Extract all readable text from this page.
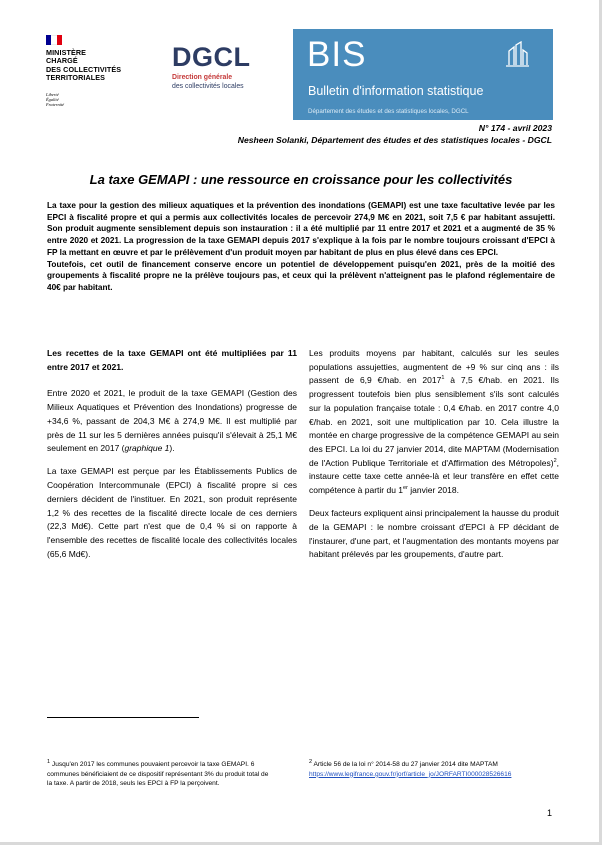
MINISTÈRE
CHARGÉ
DES COLLECTIVITÉS
TERRITORIALES
Liberté
Égalité
Fraternité
DGCL
Direction générale
des collectivités locales
BIS
Bulletin d'information statistique
Département des études et des statistiques locales, DGCL
N° 174 - avril 2023
Nesheen Solanki, Département des études et des statistiques locales - DGCL
La taxe GEMAPI : une ressource en croissance pour les collectivités

La taxe pour la gestion des milieux aquatiques et la prévention des inondations (GEMAPI) est une taxe facultative levée par les EPCI à fiscalité propre et qui a permis aux collectivités locales de percevoir 274,9 M€ en 2021, soit 7,5 € par habitant assujetti. Son produit augmente sensiblement depuis son instauration : il a été multiplié par 11 entre 2017 et 2021 et a augmenté de 35 % entre 2020 et 2021. La progression de la taxe GEMAPI depuis 2017 s'explique à la fois par le nombre toujours croissant d'EPCI à FP la mettant en œuvre et par le prélèvement d'un produit moyen par habitant de plus en plus élevé dans ces EPCI.

Toutefois, cet outil de financement conserve encore un potentiel de développement puisqu'en 2021, près de la moitié des groupements à fiscalité propre ne la prélève toujours pas, et ceux qui la prélèvent n'atteignent pas le plafond réglementaire de 40€ par habitant.

Les recettes de la taxe GEMAPI ont été multipliées par 11 entre 2017 et 2021.

Entre 2020 et 2021, le produit de la taxe GEMAPI (Gestion des Milieux Aquatiques et Prévention des Inondations) progresse de +34,6 %, passant de 204,3 M€ à 274,9 M€. Il est multiplié par près de 11 sur les 5 dernières années puisqu'il s'élevait à 25,1 M€ seulement en 2017 (graphique 1).

La taxe GEMAPI est perçue par les Établissements Publics de Coopération Intercommunale (EPCI) à fiscalité propre si ces derniers décident de l'instituer. En 2021, son produit représente 1,2 % des recettes de la fiscalité directe locale de ces derniers (22,3 Md€). Cette part n'est que de 0,4 % si on rapporte à l'ensemble des recettes de fiscalité locale des collectivités locales (65,6 Md€).

Les produits moyens par habitant, calculés sur les seules populations assujetties, augmentent de +9 % sur cinq ans : ils passent de 6,9 €/hab. en 2017$^1$ à 7,5 €/hab. en 2021. Ils progressent toutefois bien plus sensiblement s'ils sont calculés sur la population française totale : 0,4 €/hab. en 2017 contre 4,0 €/hab. en 2021, soit une multiplication par 10. Cela illustre la montée en charge progressive de la compétence GEMAPI au sein des EPCI. La loi du 27 janvier 2014, dite MAPTAM (Modernisation de l'Action Publique Territoriale et d'Affirmation des Métropoles)$^2$, instaure cette taxe cette année-là et leur transfère en effet cette compétence à partir du 1er janvier 2018.

Deux facteurs expliquent ainsi principalement la hausse du produit de la GEMAPI : le nombre croissant d'EPCI à FP décidant de l'instaurer, d'une part, et l'augmentation des montants moyens par habitant prélevés par les groupements, d'autre part.

$^1$ Jusqu'en 2017 les communes pouvaient percevoir la taxe GEMAPI. 6 communes bénéficiaient de ce dispositif représentant 3% du produit total de la taxe. A partir de 2018, seuls les EPCI à FP la perçoivent.
$^2$ Article 56 de la loi n° 2014-58 du 27 janvier 2014 dite MAPTAM
https://www.legifrance.gouv.fr/jorf/article_jo/JORFARTI000028526616
1
